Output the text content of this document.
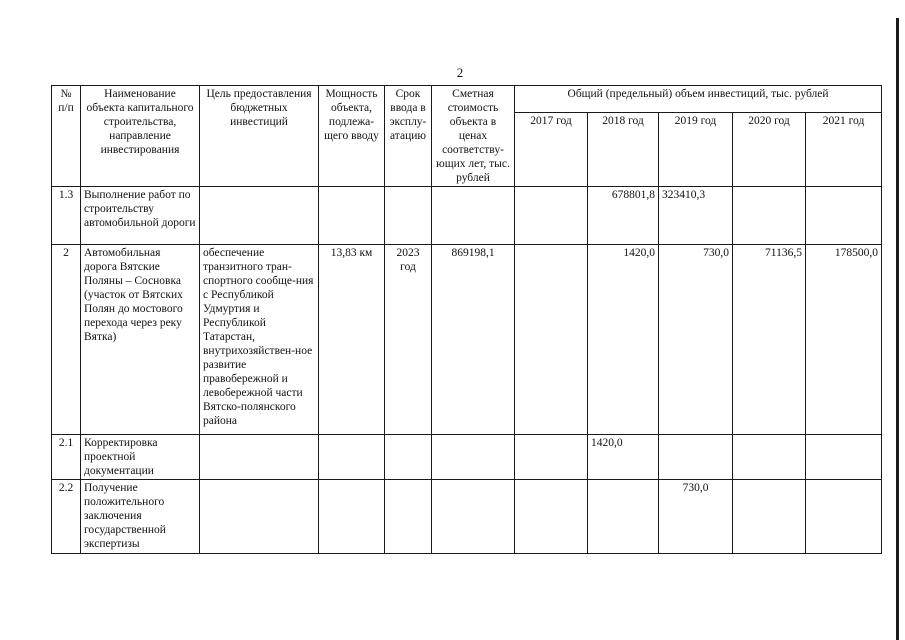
2
№ п/п	Наименование объекта капитального строительства, направление инвестирования	Цель предоставления бюджетных инвестиций	Мощность объекта, подлежа-щего вводу	Срок ввода в эксплу-атацию	Сметная стоимость объекта в ценах соответству-ющих лет, тыс. рублей	Общий (предельный) объем инвестиций, тыс. рублей				
						2017 год	2018 год	2019 год	2020 год	2021 год
1.3	Выполнение работ по строительству автомобильной дороги						678801,8	323410,3		
2	Автомобильная дорога Вятские Поляны – Сосновка (участок от Вятских Полян до мостового перехода через реку Вятка)	обеспечение транзитного тран-спортного сообще-ния с Республикой Удмуртия и Республикой Татарстан, внутрихозяйствен-ное развитие правобережной и левобережной части Вятско-полянского района	13,83 км	2023 год	869198,1		1420,0	730,0	71136,5	178500,0
2.1	Корректировка проектной документации						1420,0			
2.2	Получение положительного заключения государственной экспертизы							730,0		
